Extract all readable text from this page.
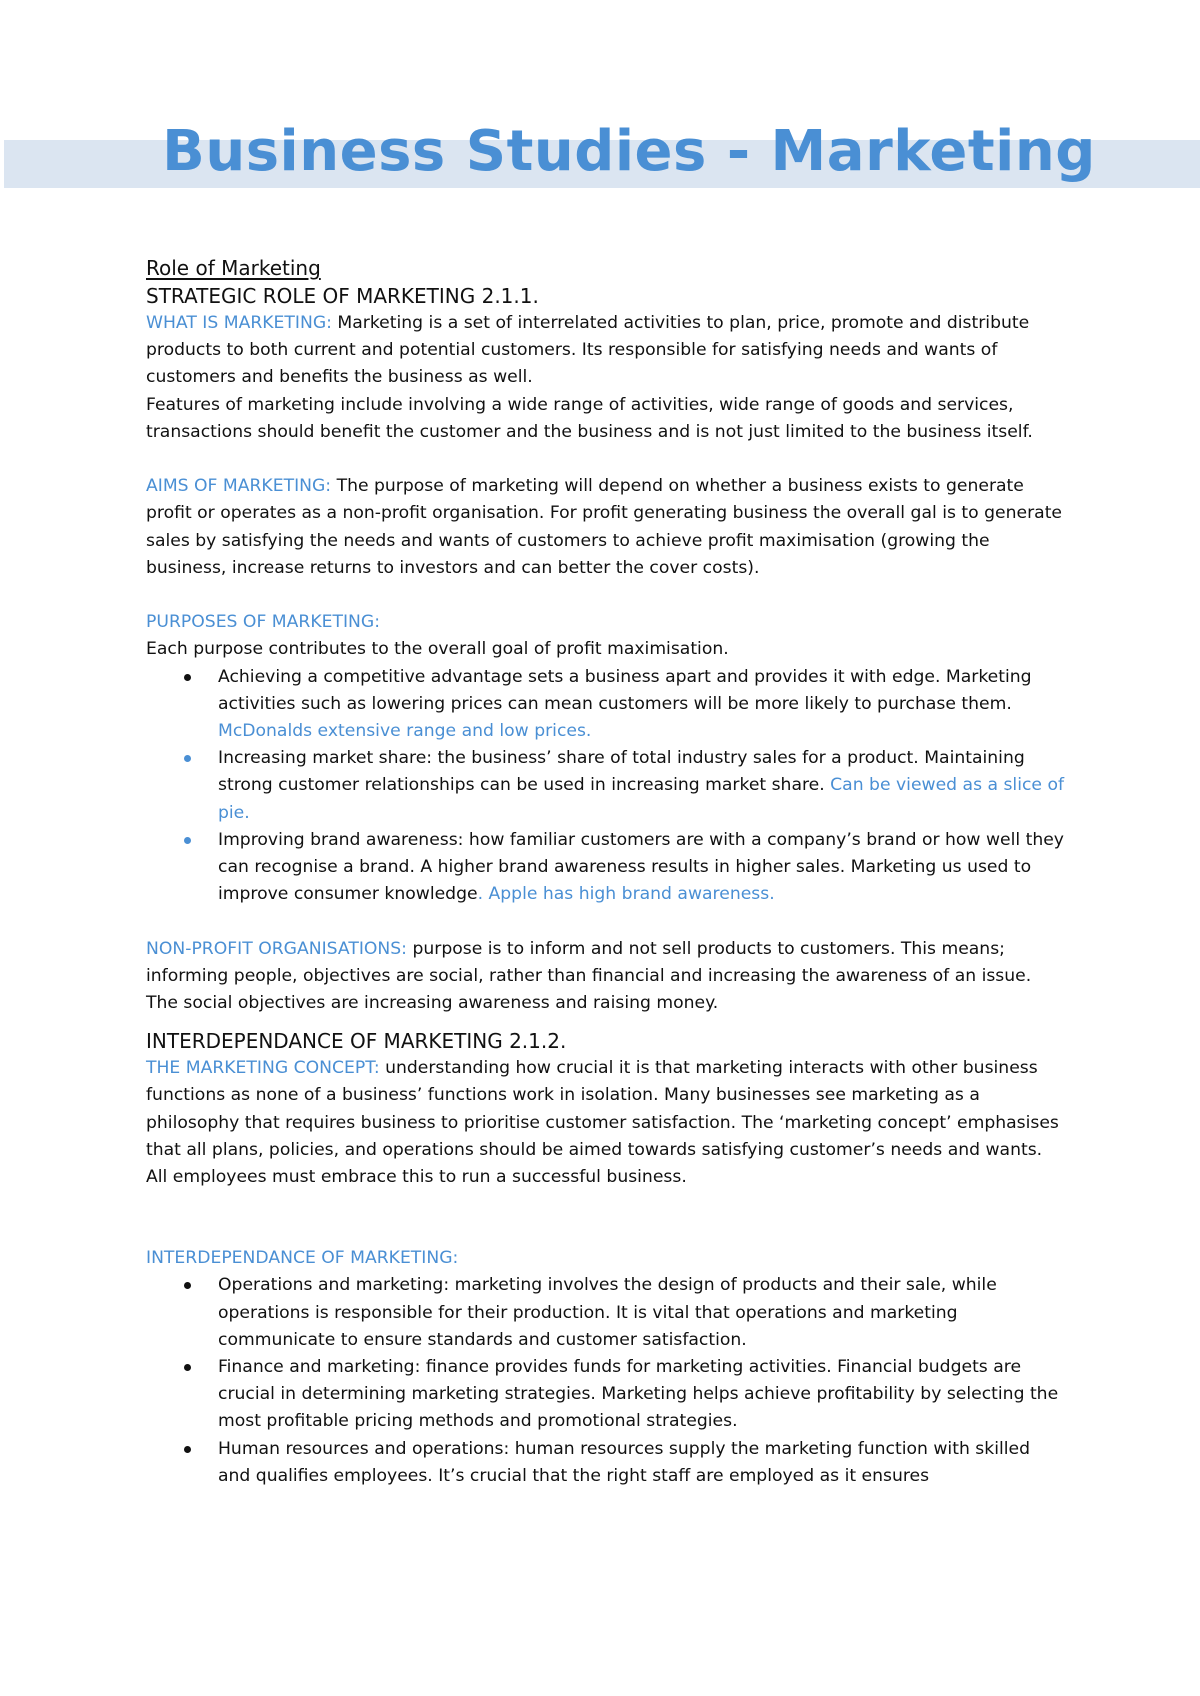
Business Studies - Marketing
Role of Marketing
STRATEGIC ROLE OF MARKETING 2.1.1.

WHAT IS MARKETING: Marketing is a set of interrelated activities to plan, price, promote and distribute products to both current and potential customers. Its responsible for satisfying needs and wants of customers and benefits the business as well.

Features of marketing include involving a wide range of activities, wide range of goods and services, transactions should benefit the customer and the business and is not just limited to the business itself.

AIMS OF MARKETING: The purpose of marketing will depend on whether a business exists to generate profit or operates as a non-profit organisation. For profit generating business the overall gal is to generate sales by satisfying the needs and wants of customers to achieve profit maximisation (growing the business, increase returns to investors and can better the cover costs).

PURPOSES OF MARKETING:

Each purpose contributes to the overall goal of profit maximisation.

Achieving a competitive advantage sets a business apart and provides it with edge. Marketing activities such as lowering prices can mean customers will be more likely to purchase them. McDonalds extensive range and low prices.
Increasing market share: the business’ share of total industry sales for a product. Maintaining strong customer relationships can be used in increasing market share. Can be viewed as a slice of pie.
Improving brand awareness: how familiar customers are with a company’s brand or how well they can recognise a brand. A higher brand awareness results in higher sales. Marketing us used to improve consumer knowledge. Apple has high brand awareness.

NON-PROFIT ORGANISATIONS: purpose is to inform and not sell products to customers. This means; informing people, objectives are social, rather than financial and increasing the awareness of an issue. The social objectives are increasing awareness and raising money.

INTERDEPENDANCE OF MARKETING 2.1.2.

THE MARKETING CONCEPT: understanding how crucial it is that marketing interacts with other business functions as none of a business’ functions work in isolation. Many businesses see marketing as a philosophy that requires business to prioritise customer satisfaction. The ‘marketing concept’ emphasises that all plans, policies, and operations should be aimed towards satisfying customer’s needs and wants. All employees must embrace this to run a successful business.

INTERDEPENDANCE OF MARKETING:

Operations and marketing: marketing involves the design of products and their sale, while operations is responsible for their production. It is vital that operations and marketing communicate to ensure standards and customer satisfaction.
Finance and marketing: finance provides funds for marketing activities. Financial budgets are crucial in determining marketing strategies. Marketing helps achieve profitability by selecting the most profitable pricing methods and promotional strategies.
Human resources and operations: human resources supply the marketing function with skilled and qualifies employees. It’s crucial that the right staff are employed as it ensures
